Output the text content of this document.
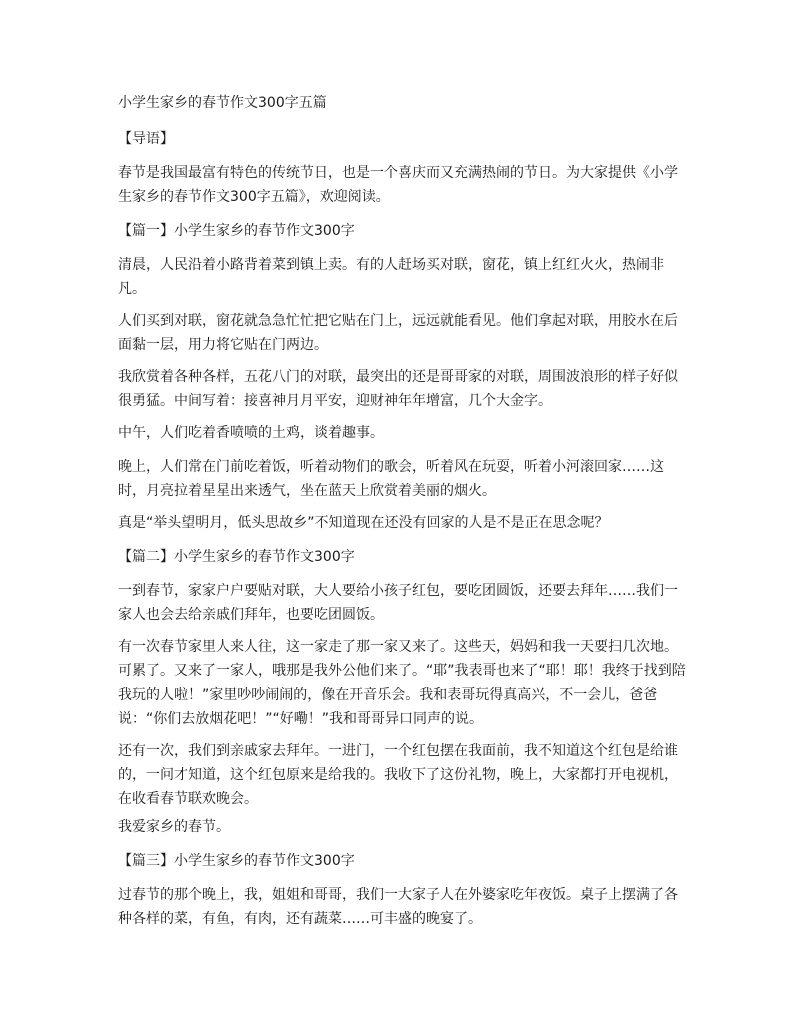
小学生家乡的春节作文300字五篇

【导语】

春节是我国最富有特色的传统节日，也是一个喜庆而又充满热闹的节日。为大家提供《小学生家乡的春节作文300字五篇》，欢迎阅读。

【篇一】小学生家乡的春节作文300字

清晨，人民沿着小路背着菜到镇上卖。有的人赶场买对联，窗花，镇上红红火火，热闹非凡。

人们买到对联，窗花就急急忙忙把它贴在门上，远远就能看见。他们拿起对联，用胶水在后面黏一层，用力将它贴在门两边。

我欣赏着各种各样，五花八门的对联，最突出的还是哥哥家的对联，周围波浪形的样子好似很勇猛。中间写着：接喜神月月平安，迎财神年年增富，几个大金字。

中午，人们吃着香喷喷的土鸡，谈着趣事。

晚上，人们常在门前吃着饭，听着动物们的歌会，听着风在玩耍，听着小河滚回家……这时，月亮拉着星星出来透气，坐在蓝天上欣赏着美丽的烟火。

真是“举头望明月，低头思故乡”不知道现在还没有回家的人是不是正在思念呢？

【篇二】小学生家乡的春节作文300字

一到春节，家家户户要贴对联，大人要给小孩子红包，要吃团圆饭，还要去拜年……我们一家人也会去给亲戚们拜年，也要吃团圆饭。

有一次春节家里人来人往，这一家走了那一家又来了。这些天，妈妈和我一天要扫几次地。可累了。又来了一家人，哦那是我外公他们来了。“耶”我表哥也来了“耶！耶！我终于找到陪我玩的人啦！”家里吵吵闹闹的，像在开音乐会。我和表哥玩得真高兴，不一会儿，爸爸说：“你们去放烟花吧！”“好嘞！”我和哥哥异口同声的说。

还有一次，我们到亲戚家去拜年。一进门，一个红包摆在我面前，我不知道这个红包是给谁的，一问才知道，这个红包原来是给我的。我收下了这份礼物，晚上，大家都打开电视机，在收看春节联欢晚会。

我爱家乡的春节。

【篇三】小学生家乡的春节作文300字

过春节的那个晚上，我，姐姐和哥哥，我们一大家子人在外婆家吃年夜饭。桌子上摆满了各种各样的菜，有鱼，有肉，还有蔬菜……可丰盛的晚宴了。
